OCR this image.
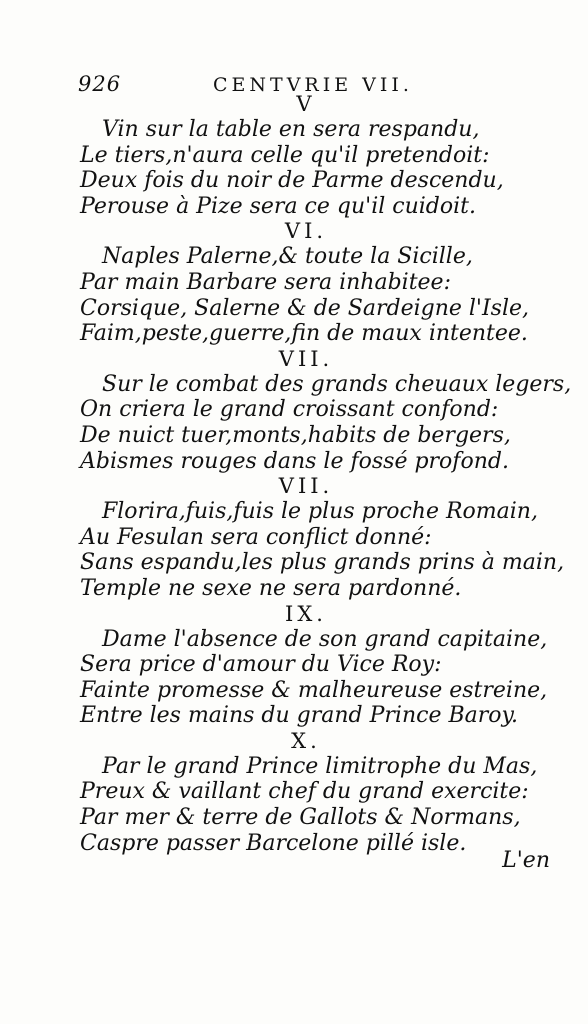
926	CENTVRIE VII.
V
Vin sur la table en sera respandu,
Le tiers,n'aura celle qu'il pretendoit:
Deux fois du noir de Parme descendu,
Perouse à Pize sera ce qu'il cuidoit.
VI.
Naples Palerne,& toute la Sicille,
Par main Barbare sera inhabitee:
Corsique, Salerne & de Sardeigne l'Isle,
Faim,peste,guerre,fin de maux intentee.
VII.
Sur le combat des grands cheuaux legers,
On criera le grand croissant confond:
De nuict tuer,monts,habits de bergers,
Abismes rouges dans le fossé profond.
VII.
Florira,fuis,fuis le plus proche Romain,
Au Fesulan sera conflict donné:
Sans espandu,les plus grands prins à main,
Temple ne sexe ne sera pardonné.
IX.
Dame l'absence de son grand capitaine,
Sera price d'amour du Vice Roy:
Fainte promesse & malheureuse estreine,
Entre les mains du grand Prince Baroy.
X.
Par le grand Prince limitrophe du Mas,
Preux & vaillant chef du grand exercite:
Par mer & terre de Gallots & Normans,
Caspre passer Barcelone pillé isle.
L'en
